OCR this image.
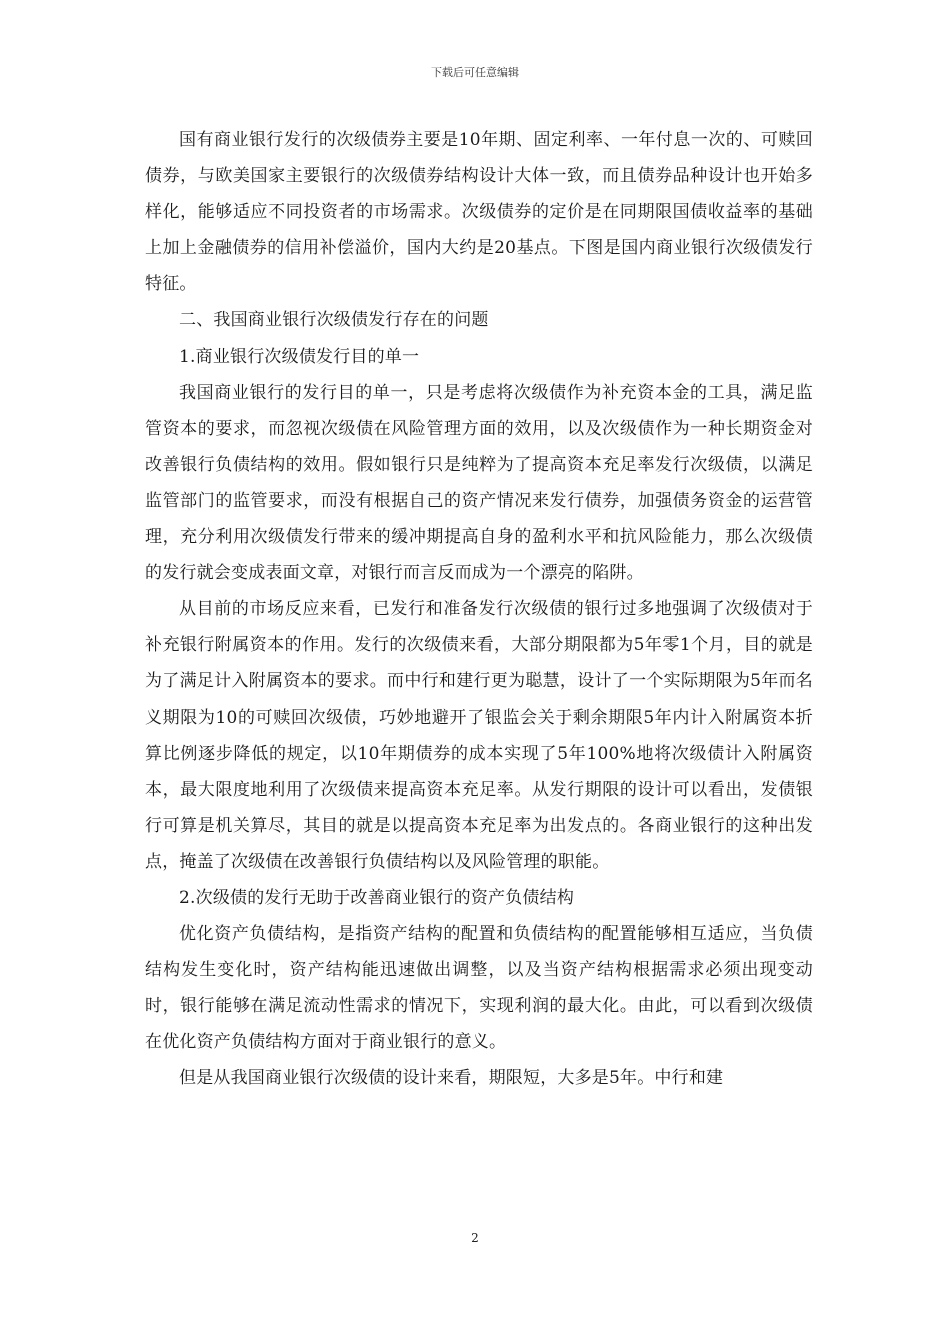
下载后可任意编辑

国有商业银行发行的次级债券主要是10年期、固定利率、一年付息一次的、可赎回债券，与欧美国家主要银行的次级债券结构设计大体一致，而且债券品种设计也开始多样化，能够适应不同投资者的市场需求。次级债券的定价是在同期限国债收益率的基础上加上金融债券的信用补偿溢价，国内大约是20基点。下图是国内商业银行次级债发行特征。

二、我国商业银行次级债发行存在的问题

1.商业银行次级债发行目的单一

我国商业银行的发行目的单一，只是考虑将次级债作为补充资本金的工具，满足监管资本的要求，而忽视次级债在风险管理方面的效用，以及次级债作为一种长期资金对改善银行负债结构的效用。假如银行只是纯粹为了提高资本充足率发行次级债，以满足监管部门的监管要求，而没有根据自己的资产情况来发行债券，加强债务资金的运营管理，充分利用次级债发行带来的缓冲期提高自身的盈利水平和抗风险能力，那么次级债的发行就会变成表面文章，对银行而言反而成为一个漂亮的陷阱。

从目前的市场反应来看，已发行和准备发行次级债的银行过多地强调了次级债对于补充银行附属资本的作用。发行的次级债来看，大部分期限都为5年零1个月，目的就是为了满足计入附属资本的要求。而中行和建行更为聪慧，设计了一个实际期限为5年而名义期限为10的可赎回次级债，巧妙地避开了银监会关于剩余期限5年内计入附属资本折算比例逐步降低的规定，以10年期债券的成本实现了5年100%地将次级债计入附属资本，最大限度地利用了次级债来提高资本充足率。从发行期限的设计可以看出，发债银行可算是机关算尽，其目的就是以提高资本充足率为出发点的。各商业银行的这种出发点，掩盖了次级债在改善银行负债结构以及风险管理的职能。

2.次级债的发行无助于改善商业银行的资产负债结构

优化资产负债结构，是指资产结构的配置和负债结构的配置能够相互适应，当负债结构发生变化时，资产结构能迅速做出调整，以及当资产结构根据需求必须出现变动时，银行能够在满足流动性需求的情况下，实现利润的最大化。由此，可以看到次级债在优化资产负债结构方面对于商业银行的意义。

但是从我国商业银行次级债的设计来看，期限短，大多是5年。中行和建

2
